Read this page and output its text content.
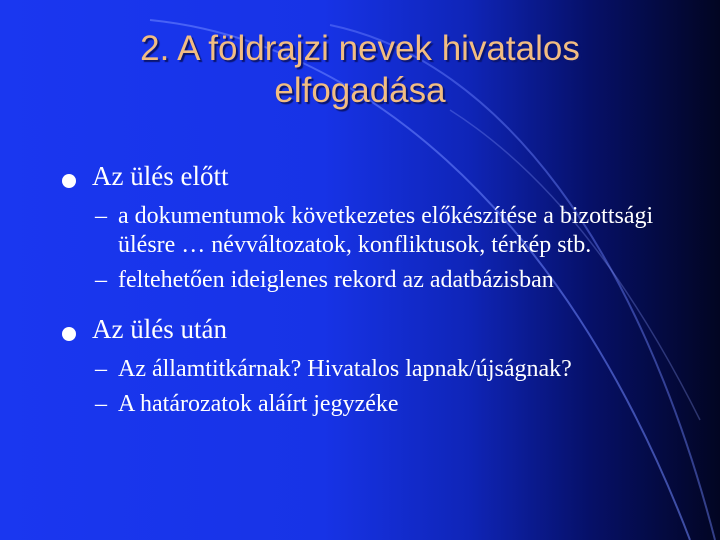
2. A földrajzi nevek hivatalos
elfogadása
Az ülés előtt
– a dokumentumok következetes előkészítése a bizottsági ülésre … névváltozatok, konfliktusok, térkép stb.
– feltehetően ideiglenes rekord az adatbázisban
Az ülés után
– Az államtitkárnak? Hivatalos lapnak/újságnak?
– A határozatok aláírt jegyzéke
